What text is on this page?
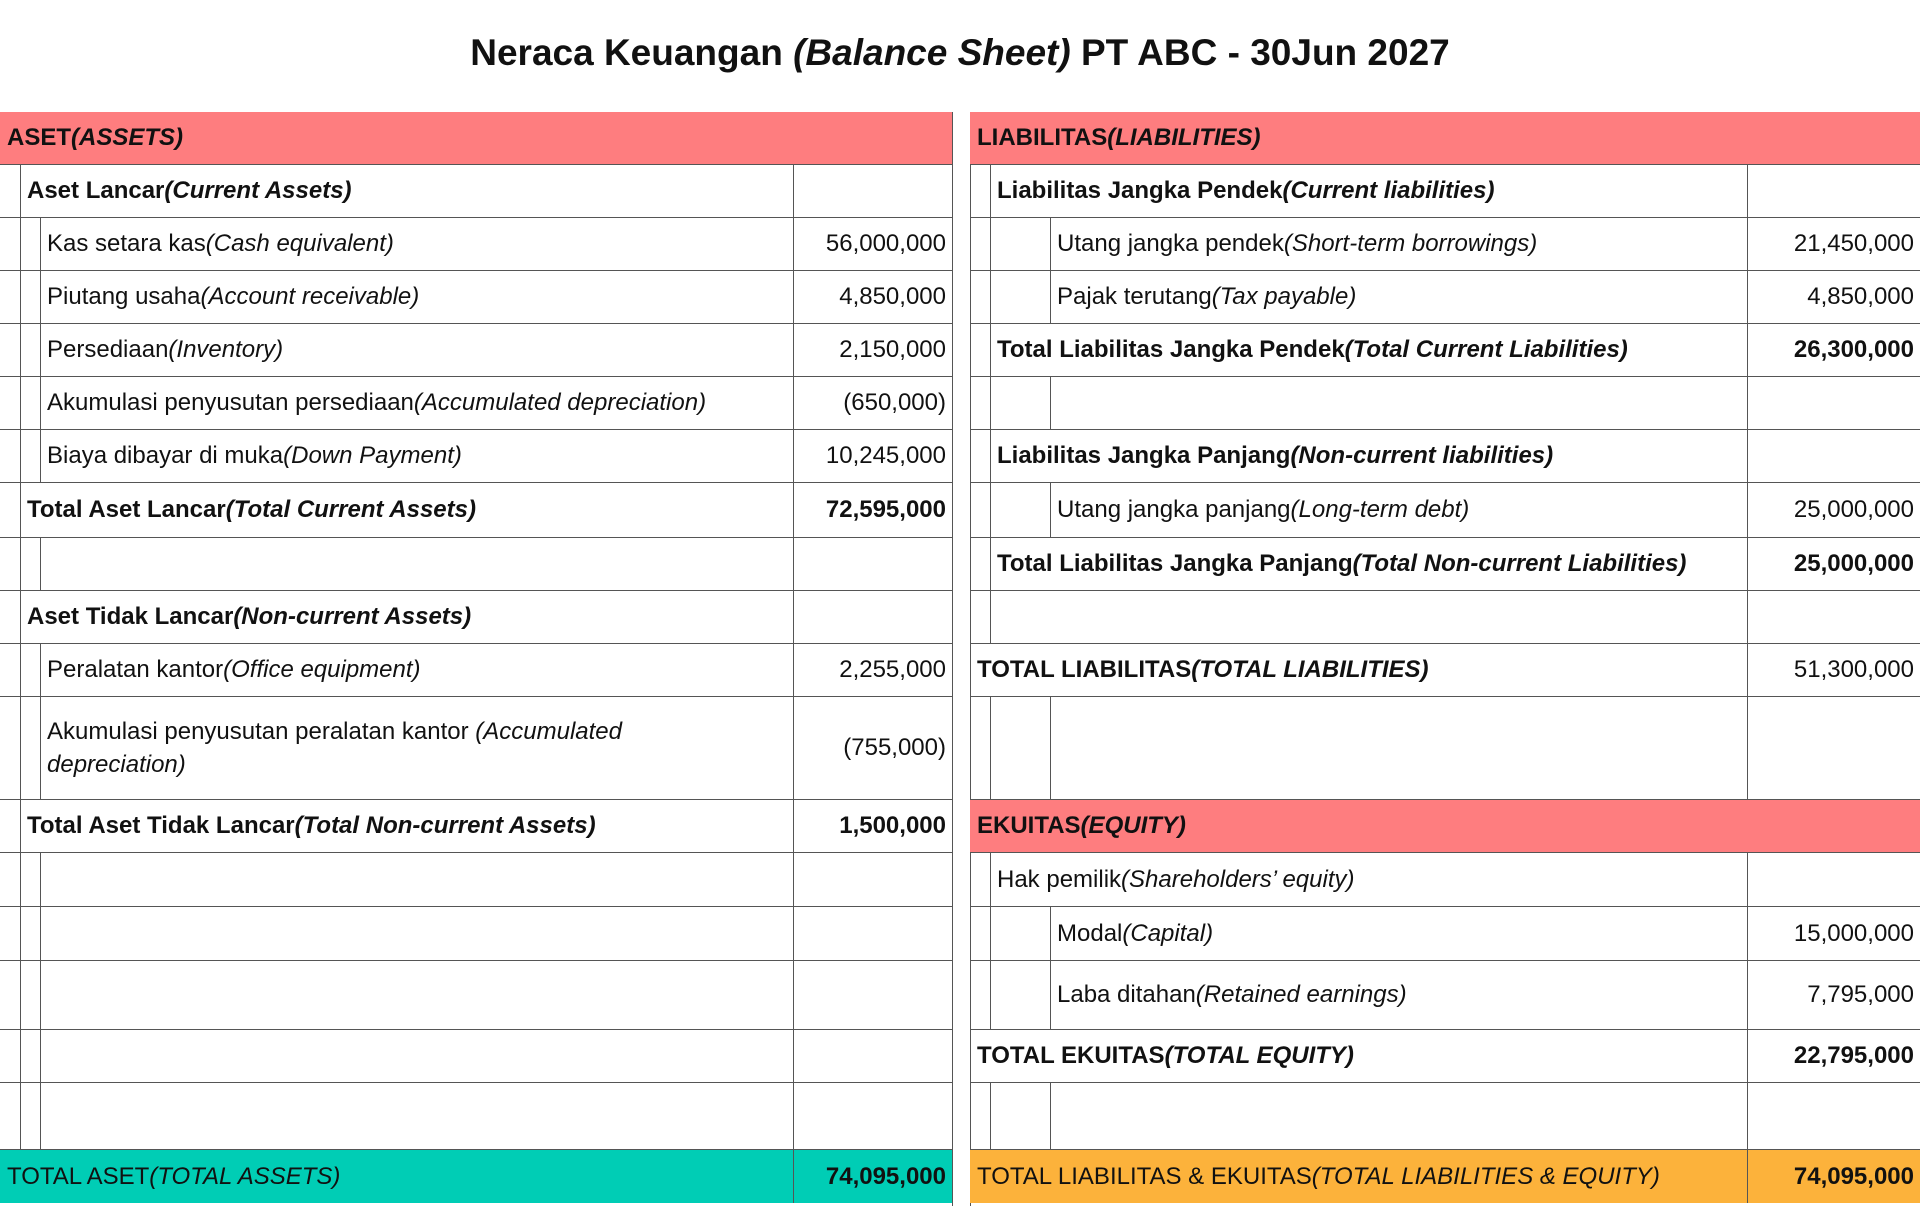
Neraca Keuangan (Balance Sheet) PT ABC - 30Jun 2027
ASET (ASSETS)
Aset Lancar (Current Assets)
Kas setara kas (Cash equivalent)	56,000,000
Piutang usaha (Account receivable)	4,850,000
Persediaan (Inventory)	2,150,000
Akumulasi penyusutan persediaan (Accumulated depreciation)	(650,000)
Biaya dibayar di muka (Down Payment)	10,245,000
Total Aset Lancar (Total Current Assets)	72,595,000
Aset Tidak Lancar (Non-current Assets)
Peralatan kantor (Office equipment)	2,255,000
Akumulasi penyusutan peralatan kantor (Accumulated depreciation)
(755,000)
Total Aset Tidak Lancar (Total Non-current Assets)	1,500,000
TOTAL ASET (TOTAL ASSETS)	74,095,000
LIABILITAS (LIABILITIES)
Liabilitas Jangka Pendek (Current liabilities)
Utang jangka pendek (Short-term borrowings)	21,450,000
Pajak terutang (Tax payable)	4,850,000
Total Liabilitas Jangka Pendek (Total Current Liabilities)	26,300,000
Liabilitas Jangka Panjang (Non-current liabilities)
Utang jangka panjang (Long-term debt)	25,000,000
Total Liabilitas Jangka Panjang (Total Non-current Liabilities)	25,000,000
TOTAL LIABILITAS (TOTAL LIABILITIES)	51,300,000
EKUITAS (EQUITY)
Hak pemilik (Shareholders’ equity)
Modal (Capital)	15,000,000
Laba ditahan (Retained earnings)	7,795,000
TOTAL EKUITAS (TOTAL EQUITY)	22,795,000
TOTAL LIABILITAS & EKUITAS (TOTAL LIABILITIES & EQUITY)	74,095,000
